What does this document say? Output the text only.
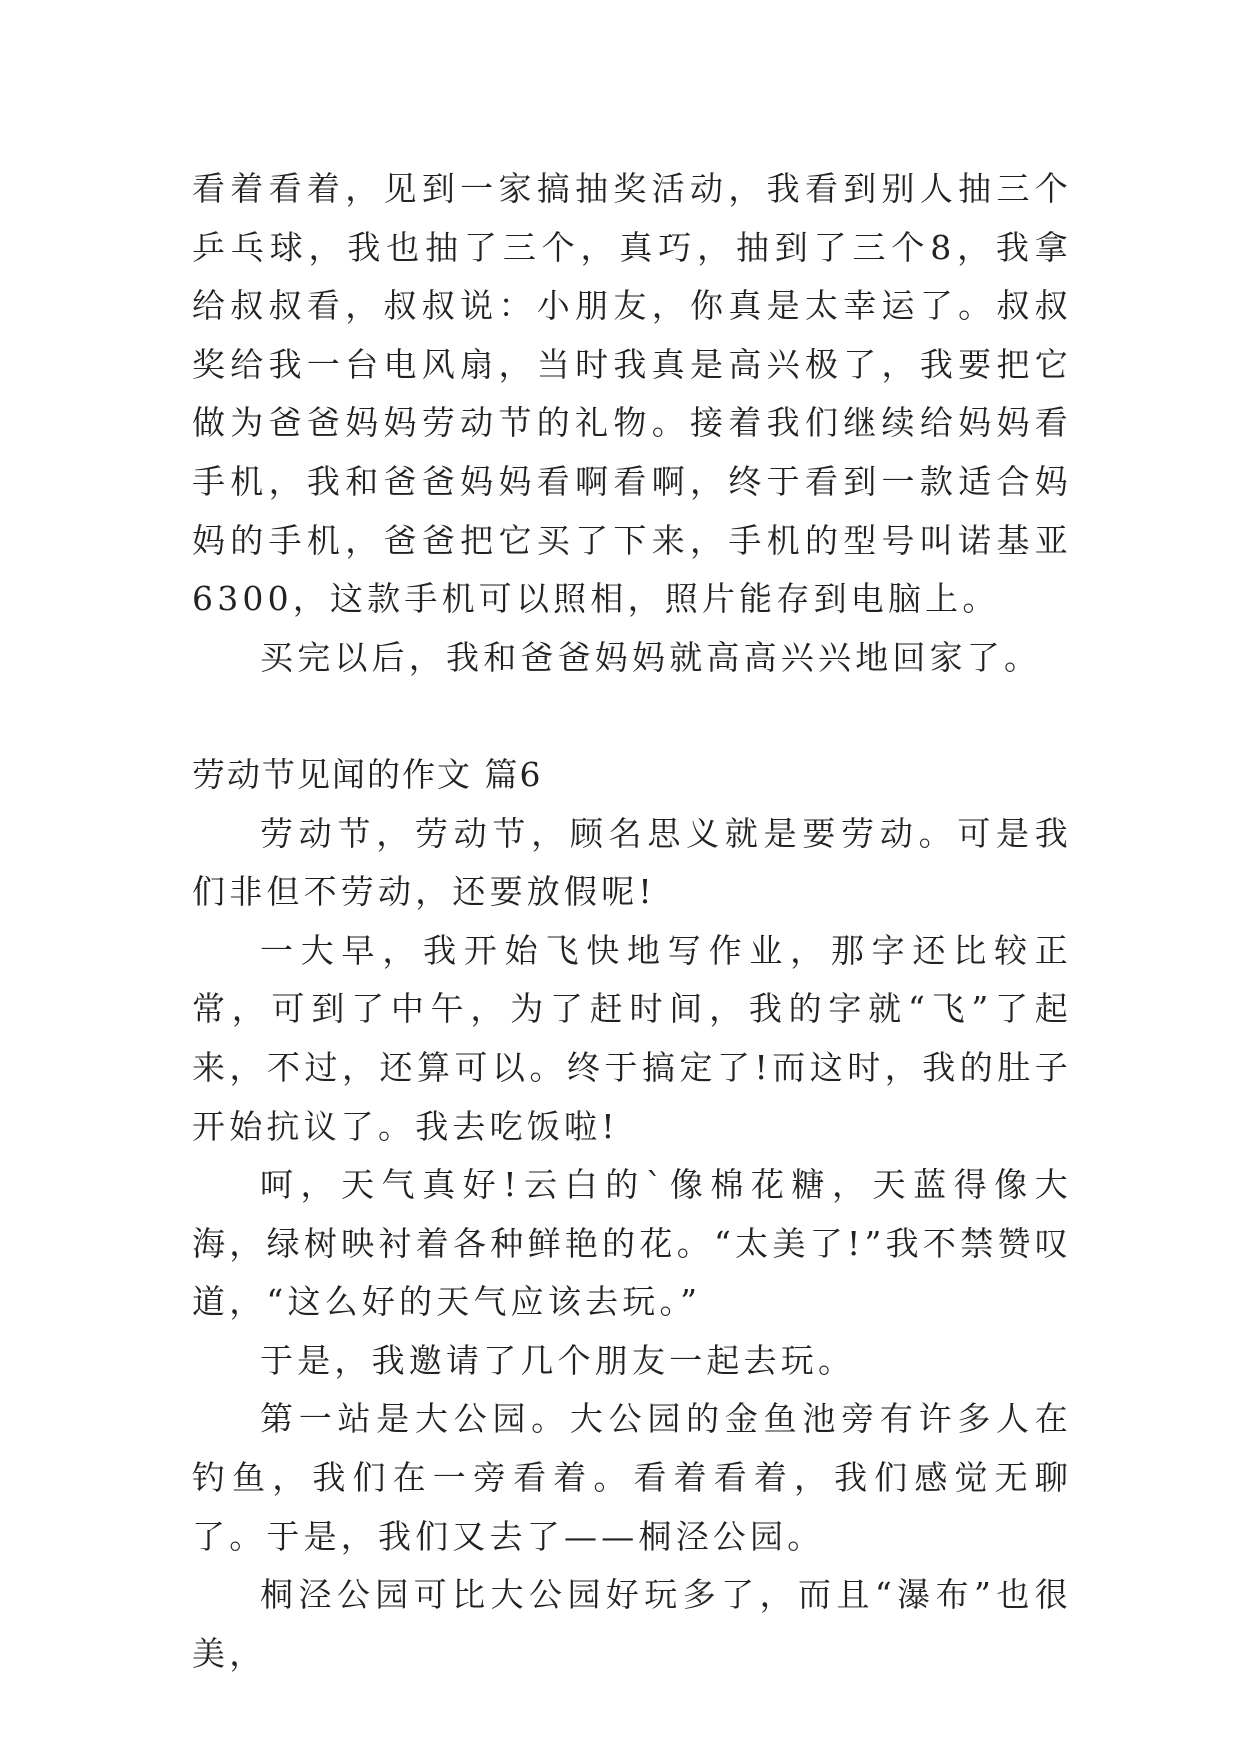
看着看着，见到一家搞抽奖活动，我看到别人抽三个乒乓球，我也抽了三个，真巧，抽到了三个8，我拿给叔叔看，叔叔说：小朋友，你真是太幸运了。叔叔奖给我一台电风扇，当时我真是高兴极了，我要把它做为爸爸妈妈劳动节的礼物。接着我们继续给妈妈看手机，我和爸爸妈妈看啊看啊，终于看到一款适合妈妈的手机，爸爸把它买了下来，手机的型号叫诺基亚6300，这款手机可以照相，照片能存到电脑上。

买完以后，我和爸爸妈妈就高高兴兴地回家了。

劳动节见闻的作文 篇6

劳动节，劳动节，顾名思义就是要劳动。可是我们非但不劳动，还要放假呢!

一大早，我开始飞快地写作业，那字还比较正常，可到了中午，为了赶时间，我的字就“飞”了起来，不过，还算可以。终于搞定了!而这时，我的肚子开始抗议了。我去吃饭啦!

呵，天气真好!云白的`像棉花糖，天蓝得像大海，绿树映衬着各种鲜艳的花。“太美了!”我不禁赞叹道，“这么好的天气应该去玩。”

于是，我邀请了几个朋友一起去玩。

第一站是大公园。大公园的金鱼池旁有许多人在钓鱼，我们在一旁看着。看着看着，我们感觉无聊了。于是，我们又去了——桐泾公园。

桐泾公园可比大公园好玩多了，而且“瀑布”也很美，
